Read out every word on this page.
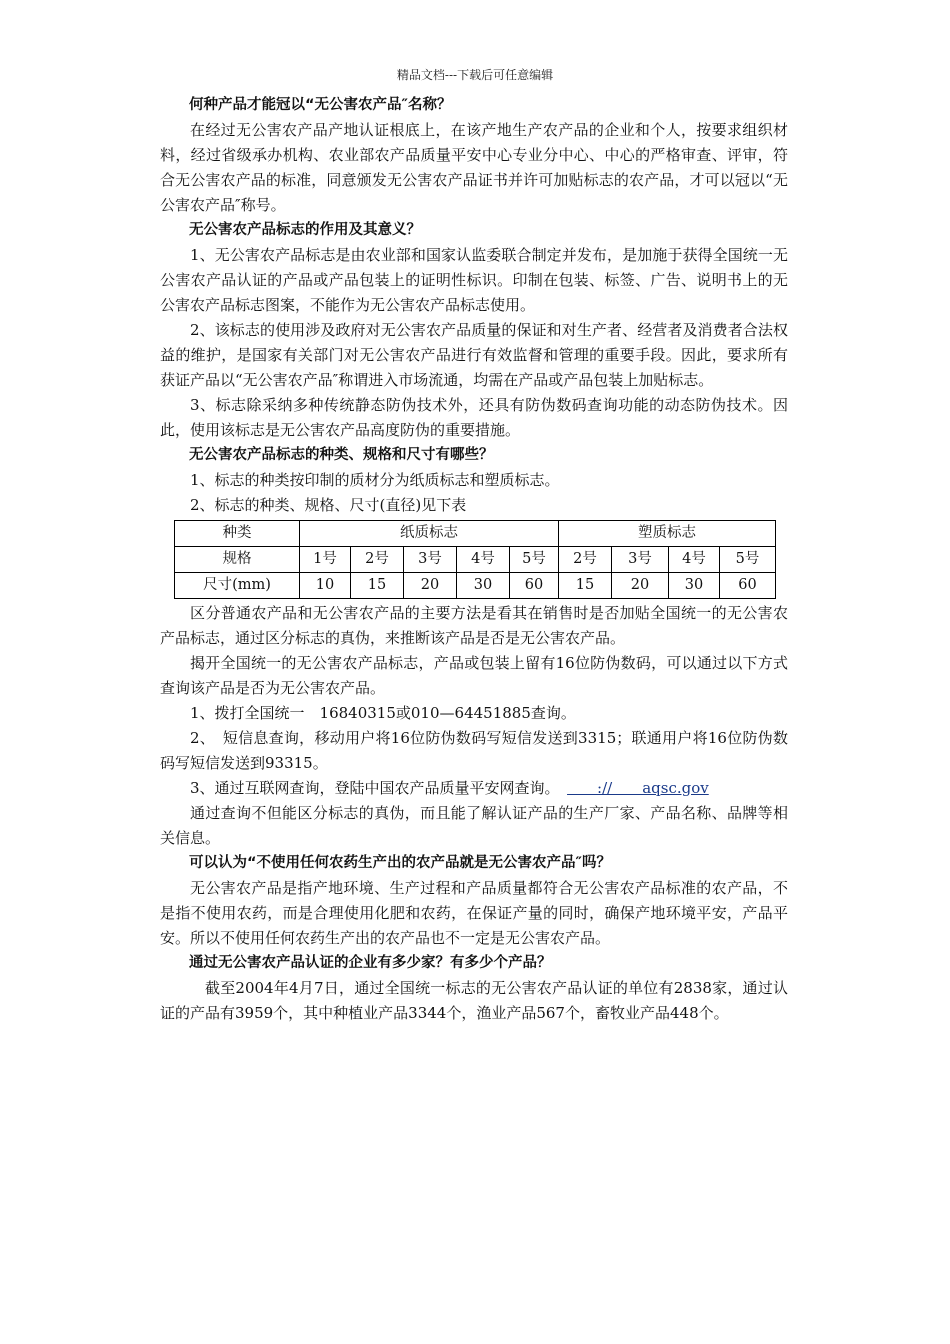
精品文档---下载后可任意编辑

何种产品才能冠以“无公害农产品″名称？

在经过无公害农产品产地认证根底上，在该产地生产农产品的企业和个人，按要求组织材料，经过省级承办机构、农业部农产品质量平安中心专业分中心、中心的严格审查、评审，符合无公害农产品的标准，同意颁发无公害农产品证书并许可加贴标志的农产品，才可以冠以“无公害农产品″称号。

无公害农产品标志的作用及其意义？

1、无公害农产品标志是由农业部和国家认监委联合制定并发布，是加施于获得全国统一无公害农产品认证的产品或产品包装上的证明性标识。印制在包装、标签、广告、说明书上的无公害农产品标志图案，不能作为无公害农产品标志使用。

2、该标志的使用涉及政府对无公害农产品质量的保证和对生产者、经营者及消费者合法权益的维护，是国家有关部门对无公害农产品进行有效监督和管理的重要手段。因此，要求所有获证产品以“无公害农产品″称谓进入市场流通，均需在产品或产品包装上加贴标志。

3、标志除采纳多种传统静态防伪技术外，还具有防伪数码查询功能的动态防伪技术。因此，使用该标志是无公害农产品高度防伪的重要措施。

无公害农产品标志的种类、规格和尺寸有哪些？

1、标志的种类按印制的质材分为纸质标志和塑质标志。

2、标志的种类、规格、尺寸(直径)见下表

种类	纸质标志					塑质标志			
规格	1号	2号	3号	4号	5号	2号	3号	4号	5号
尺寸(mm)	10	15	20	30	60	15	20	30	60

区分普通农产品和无公害农产品的主要方法是看其在销售时是否加贴全国统一的无公害农产品标志，通过区分标志的真伪，来推断该产品是否是无公害农产品。

揭开全国统一的无公害农产品标志，产品或包装上留有16位防伪数码，可以通过以下方式查询该产品是否为无公害农产品。

1、拨打全国统一　16840315或010—64451885查询。

2、　短信息查询，移动用户将16位防伪数码写短信发送到3315；联通用户将16位防伪数码写短信发送到93315。

3、通过互联网查询，登陆中国农产品质量平安网查询。　　　://　　aqsc.gov

通过查询不但能区分标志的真伪，而且能了解认证产品的生产厂家、产品名称、品牌等相关信息。

可以认为“不使用任何农药生产出的农产品就是无公害农产品″吗？

无公害农产品是指产地环境、生产过程和产品质量都符合无公害农产品标准的农产品，不是指不使用农药，而是合理使用化肥和农药，在保证产量的同时，确保产地环境平安，产品平安。所以不使用任何农药生产出的农产品也不一定是无公害农产品。

通过无公害农产品认证的企业有多少家？有多少个产品？

截至2004年4月7日，通过全国统一标志的无公害农产品认证的单位有2838家，通过认证的产品有3959个，其中种植业产品3344个，渔业产品567个，畜牧业产品448个。
